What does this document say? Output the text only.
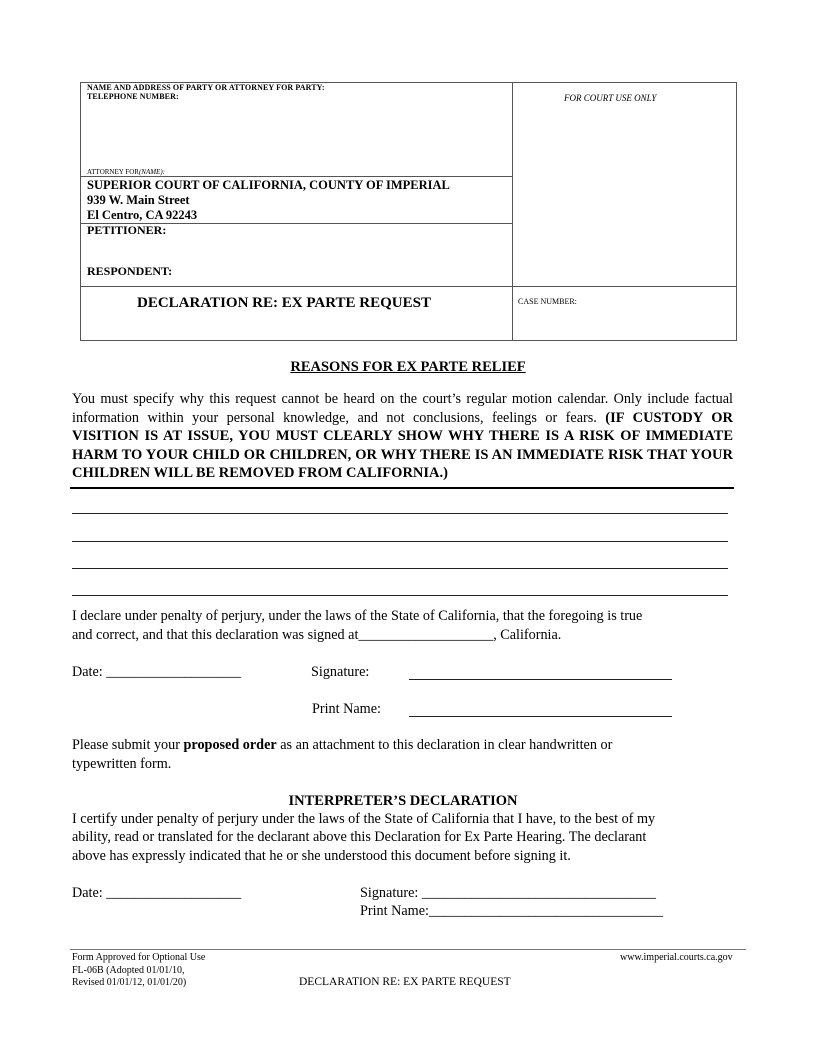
NAME AND ADDRESS OF PARTY OR ATTORNEY FOR PARTY:
TELEPHONE NUMBER:
ATTORNEY FOR(NAME):
SUPERIOR COURT OF CALIFORNIA, COUNTY OF IMPERIAL
939 W. Main Street
El Centro, CA 92243
PETITIONER:
RESPONDENT:
FOR COURT USE ONLY
DECLARATION RE: EX PARTE REQUEST	CASE NUMBER:
REASONS FOR EX PARTE RELIEF
You must specify why this request cannot be heard on the court’s regular motion calendar. Only include factual information within your personal knowledge, and not conclusions, feelings or fears. (IF CUSTODY OR VISITION IS AT ISSUE, YOU MUST CLEARLY SHOW WHY THERE IS A RISK OF IMMEDIATE HARM TO YOUR CHILD OR CHILDREN, OR WHY THERE IS AN IMMEDIATE RISK THAT YOUR CHILDREN WILL BE REMOVED FROM CALIFORNIA.)
I declare under penalty of perjury, under the laws of the State of California, that the foregoing is true
and correct, and that this declaration was signed at___________________, California.
Date: ___________________	Signature:
Print Name:
Please submit your proposed order as an attachment to this declaration in clear handwritten or
typewritten form.
INTERPRETER’S DECLARATION
I certify under penalty of perjury under the laws of the State of California that I have, to the best of my
ability, read or translated for the declarant above this Declaration for Ex Parte Hearing. The declarant
above has expressly indicated that he or she understood this document before signing it.
Date: ___________________	Signature: _________________________________
Print Name:_________________________________
Form Approved for Optional Use
FL-06B (Adopted 01/01/10,
Revised 01/01/12, 01/01/20)	DECLARATION RE: EX PARTE REQUEST
www.imperial.courts.ca.gov
